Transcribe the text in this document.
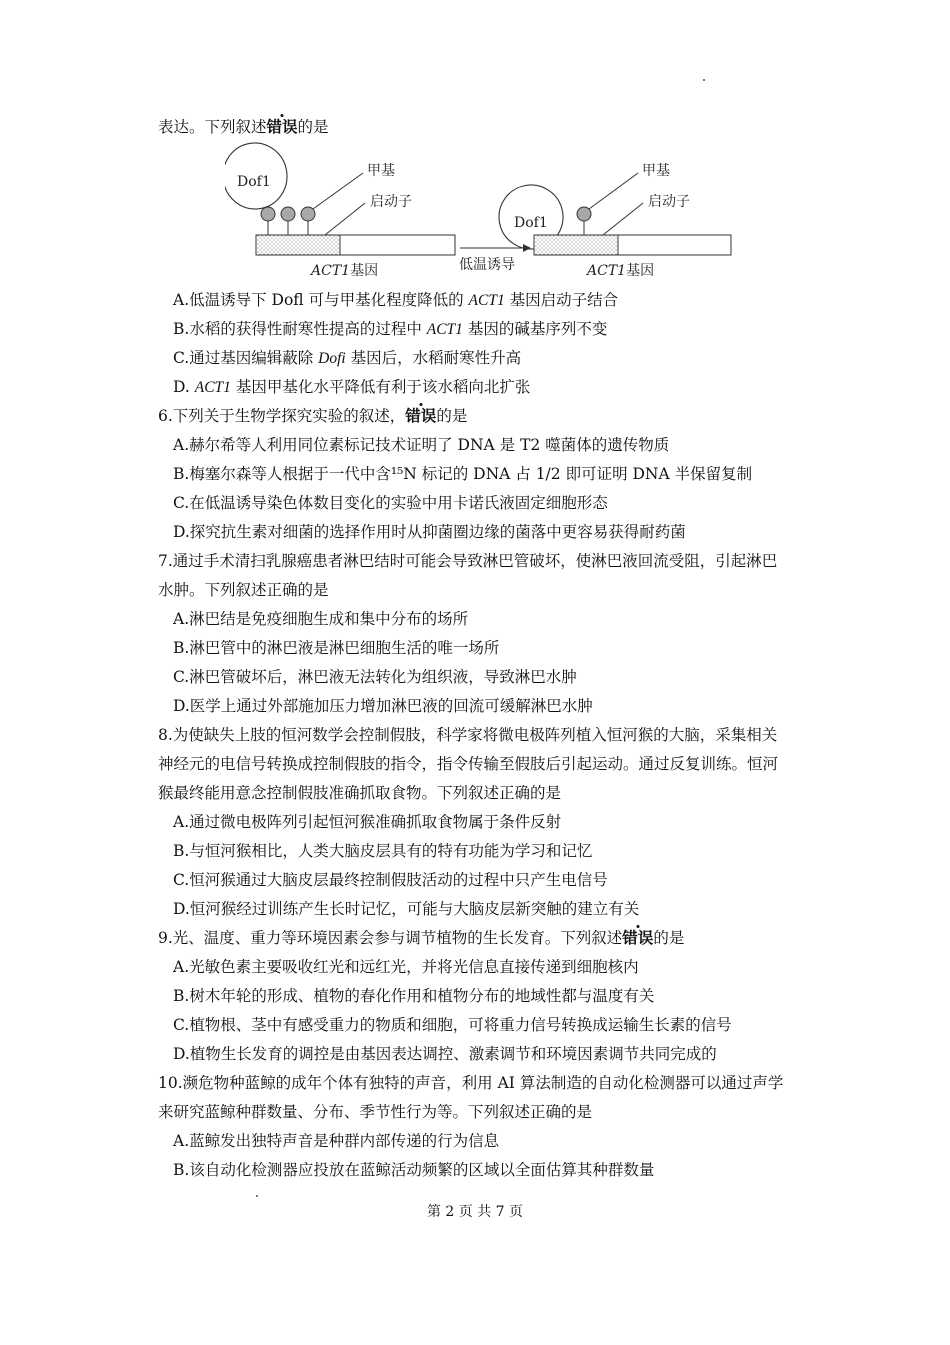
表达。下列叙述错误的是
Dof1
甲基
启动子
ACT1基因	低温诱导
Dof1
甲基
启动子
ACT1基因
A.低温诱导下 Dofl 可与甲基化程度降低的 ACT1 基因启动子结合
B.水稻的获得性耐寒性提高的过程中 ACT1 基因的碱基序列不变
C.通过基因编辑蔽除 Dofi 基因后，水稻耐寒性升高
D. ACT1 基因甲基化水平降低有利于该水稻向北扩张
6.下列关于生物学探究实验的叙述，错误的是
A.赫尔希等人利用同位素标记技术证明了 DNA 是 T2 噬菌体的遗传物质
B.梅塞尔森等人根据于一代中含¹⁵N 标记的 DNA 占 1/2 即可证明 DNA 半保留复制
C.在低温诱导染色体数目变化的实验中用卡诺氏液固定细胞形态
D.探究抗生素对细菌的选择作用时从抑菌圈边缘的菌落中更容易获得耐药菌
7.通过手术清扫乳腺癌患者淋巴结时可能会导致淋巴管破坏，使淋巴液回流受阻，引起淋巴
水肿。下列叙述正确的是
A.淋巴结是免疫细胞生成和集中分布的场所
B.淋巴管中的淋巴液是淋巴细胞生活的唯一场所
C.淋巴管破坏后，淋巴液无法转化为组织液，导致淋巴水肿
D.医学上通过外部施加压力增加淋巴液的回流可缓解淋巴水肿
8.为使缺失上肢的恒河数学会控制假肢，科学家将微电极阵列植入恒河猴的大脑，采集相关
神经元的电信号转换成控制假肢的指令，指令传输至假肢后引起运动。通过反复训练。恒河
猴最终能用意念控制假肢准确抓取食物。下列叙述正确的是
A.通过微电极阵列引起恒河猴准确抓取食物属于条件反射
B.与恒河猴相比，人类大脑皮层具有的特有功能为学习和记忆
C.恒河猴通过大脑皮层最终控制假肢活动的过程中只产生电信号
D.恒河猴经过训练产生长时记忆，可能与大脑皮层新突触的建立有关
9.光、温度、重力等环境因素会参与调节植物的生长发育。下列叙述错误的是
A.光敏色素主要吸收红光和远红光，并将光信息直接传递到细胞核内
B.树木年轮的形成、植物的春化作用和植物分布的地域性都与温度有关
C.植物根、茎中有感受重力的物质和细胞，可将重力信号转换成运输生长素的信号
D.植物生长发育的调控是由基因表达调控、激素调节和环境因素调节共同完成的
10.濒危物种蓝鲸的成年个体有独特的声音，利用 AI 算法制造的自动化检测器可以通过声学
来研究蓝鲸种群数量、分布、季节性行为等。下列叙述正确的是
A.蓝鲸发出独特声音是种群内部传递的行为信息
B.该自动化检测器应投放在蓝鲸活动频繁的区域以全面估算其种群数量
第 2 页 共 7 页
